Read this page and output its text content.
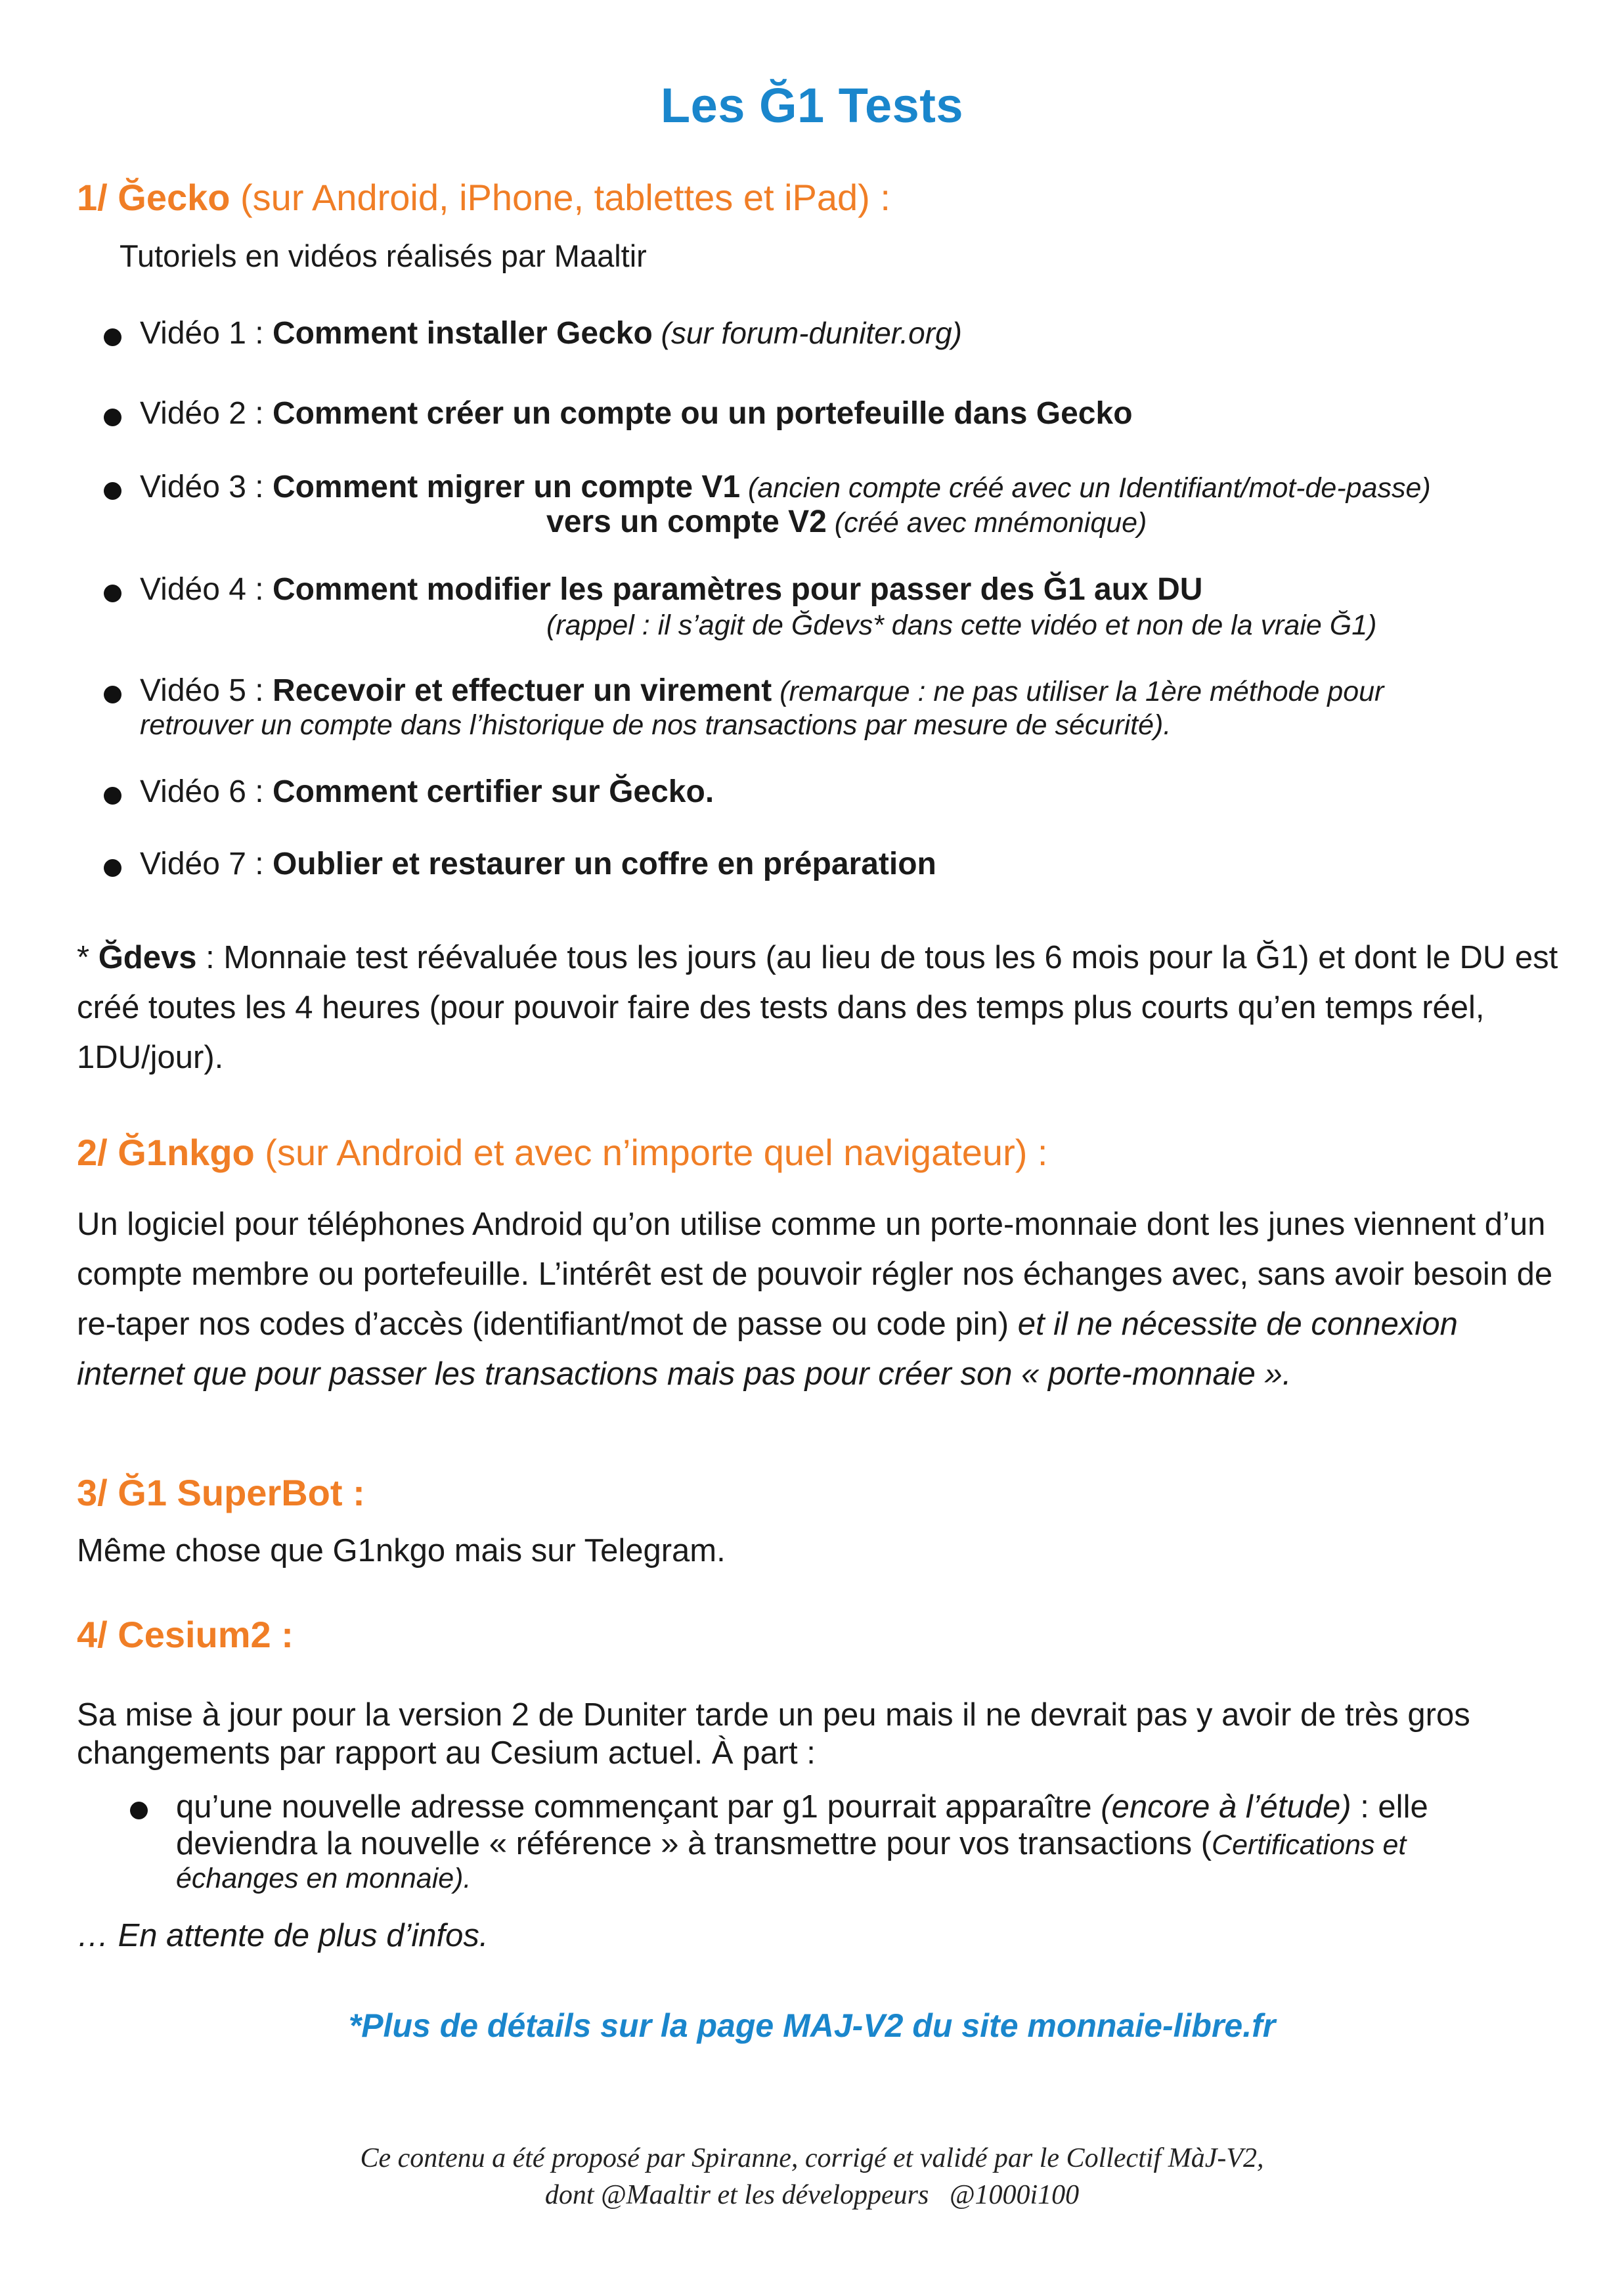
Les Ğ1 Tests
1/ Ğecko (sur Android, iPhone, tablettes et iPad) :
Tutoriels en vidéos réalisés par Maaltir
Vidéo 1 : Comment installer Gecko (sur forum-duniter.org)
Vidéo 2 : Comment créer un compte ou un portefeuille dans Gecko
Vidéo 3 : Comment migrer un compte V1 (ancien compte créé avec un Identifiant/mot-de-passe)
vers un compte V2 (créé avec mnémonique)
Vidéo 4 : Comment modifier les paramètres pour passer des Ğ1 aux DU
(rappel : il s’agit de Ğdevs* dans cette vidéo et non de la vraie Ğ1)
Vidéo 5 : Recevoir et effectuer un virement (remarque : ne pas utiliser la 1ère méthode pour
retrouver un compte dans l’historique de nos transactions par mesure de sécurité).
Vidéo 6 : Comment certifier sur Ğecko.
Vidéo 7 : Oublier et restaurer un coffre en préparation
* Ğdevs : Monnaie test réévaluée tous les jours (au lieu de tous les 6 mois pour la Ğ1) et dont le DU est créé toutes les 4 heures (pour pouvoir faire des tests dans des temps plus courts qu’en temps réel, 1DU/jour).
2/ Ğ1nkgo (sur Android et avec n’importe quel navigateur) :
Un logiciel pour téléphones Android qu’on utilise comme un porte-monnaie dont les junes viennent d’un compte membre ou portefeuille. L’intérêt est de pouvoir régler nos échanges avec, sans avoir besoin de re-taper nos codes d’accès (identifiant/mot de passe ou code pin) et il ne nécessite de connexion internet que pour passer les transactions mais pas pour créer son « porte-monnaie ».
3/ Ğ1 SuperBot :
Même chose que G1nkgo mais sur Telegram.
4/ Cesium2 :
Sa mise à jour pour la version 2 de Duniter tarde un peu mais il ne devrait pas y avoir de très gros changements par rapport au Cesium actuel. À part :
qu’une nouvelle adresse commençant par g1 pourrait apparaître (encore à l’étude) : elle
deviendra la nouvelle « référence » à transmettre pour vos transactions (Certifications et
échanges en monnaie).
… En attente de plus d’infos.
*Plus de détails sur la page MAJ-V2 du site monnaie-libre.fr
Ce contenu a été proposé par Spiranne, corrigé et validé par le Collectif MàJ-V2,
dont @Maaltir et les développeurs   @1000i100
